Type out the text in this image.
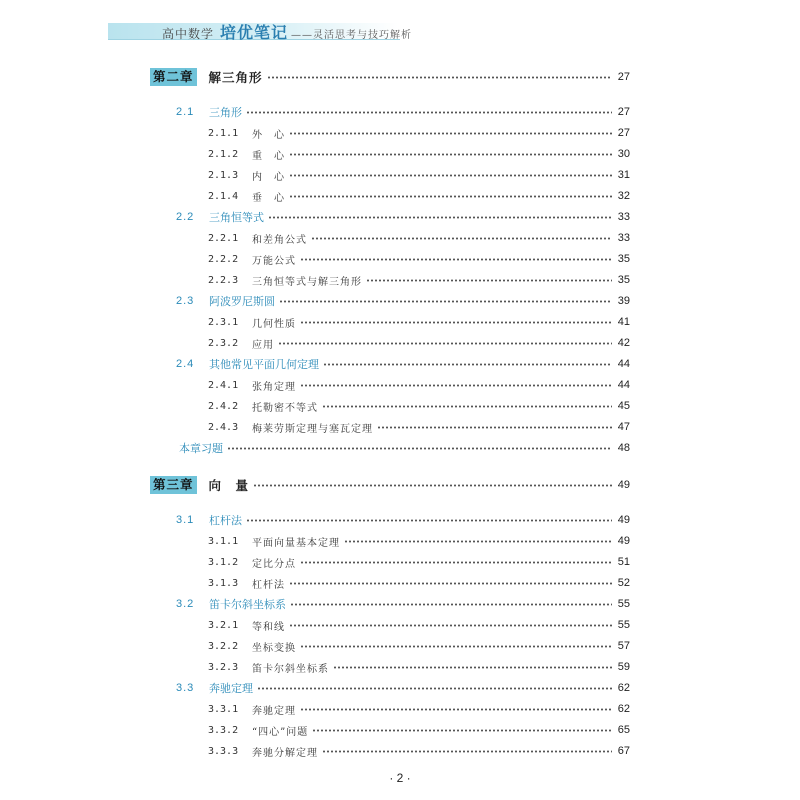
高中数学 培优笔记 ——灵活思考与技巧解析
第二章 解三角形	27
2.1	三角形	27
2.1.1	外　心	27
2.1.2	重　心	30
2.1.3	内　心	31
2.1.4	垂　心	32
2.2	三角恒等式	33
2.2.1	和差角公式	33
2.2.2	万能公式	35
2.2.3	三角恒等式与解三角形	35
2.3	阿波罗尼斯圆	39
2.3.1	几何性质	41
2.3.2	应用	42
2.4	其他常见平面几何定理	44
2.4.1	张角定理	44
2.4.2	托勒密不等式	45
2.4.3	梅莱劳斯定理与塞瓦定理	47
本章习题	48
第三章 向　量	49
3.1	杠杆法	49
3.1.1	平面向量基本定理	49
3.1.2	定比分点	51
3.1.3	杠杆法	52
3.2	笛卡尔斜坐标系	55
3.2.1	等和线	55
3.2.2	坐标变换	57
3.2.3	笛卡尔斜坐标系	59
3.3	奔驰定理	62
3.3.1	奔驰定理	62
3.3.2	“四心”问题	65
3.3.3	奔驰分解定理	67
· 2 ·
